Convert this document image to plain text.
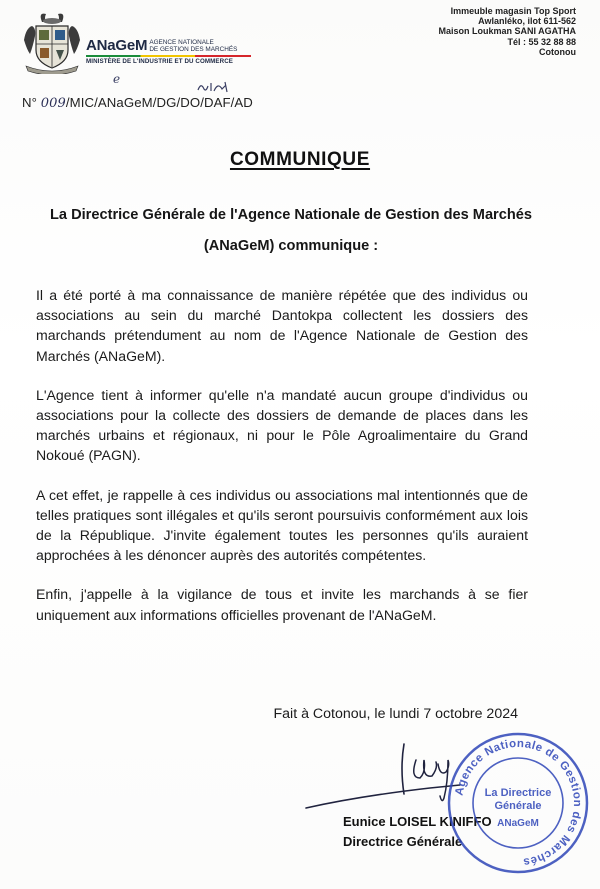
ANaGeM AGENCE NATIONALE
DE GESTION DES MARCHÉS
MINISTÈRE DE L'INDUSTRIE ET DU COMMERCE
Immeuble magasin Top Sport
Awlanléko, ilot 611-562
Maison Loukman SANI AGATHA
Tél : 55 32 88 88
Cotonou
e
N° 009/MIC/ANaGeM/DG/DO/DAF/AD
COMMUNIQUE
La Directrice Générale de l'Agence Nationale de Gestion des Marchés (ANaGeM) communique :

Il a été porté à ma connaissance de manière répétée que des individus ou associations au sein du marché Dantokpa collectent les dossiers des marchands prétendument au nom de l'Agence Nationale de Gestion des Marchés (ANaGeM).

L'Agence tient à informer qu'elle n'a mandaté aucun groupe d'individus ou associations pour la collecte des dossiers de demande de places dans les marchés urbains et régionaux, ni pour le Pôle Agroalimentaire du Grand Nokoué (PAGN).

A cet effet, je rappelle à ces individus ou associations mal intentionnés que de telles pratiques sont illégales et qu'ils seront poursuivis conformément aux lois de la République. J'invite également toutes les personnes qu'ils auraient approchées à les dénoncer auprès des autorités compétentes.

Enfin, j'appelle à la vigilance de tous et invite les marchands à se fier uniquement aux informations officielles provenant de l'ANaGeM.

Fait à Cotonou, le lundi 7 octobre 2024
Eunice LOISEL KINIFFO
Directrice Générale
Agence Nationale de Gestion des Marchés
La Directrice
Générale
ANaGeM
